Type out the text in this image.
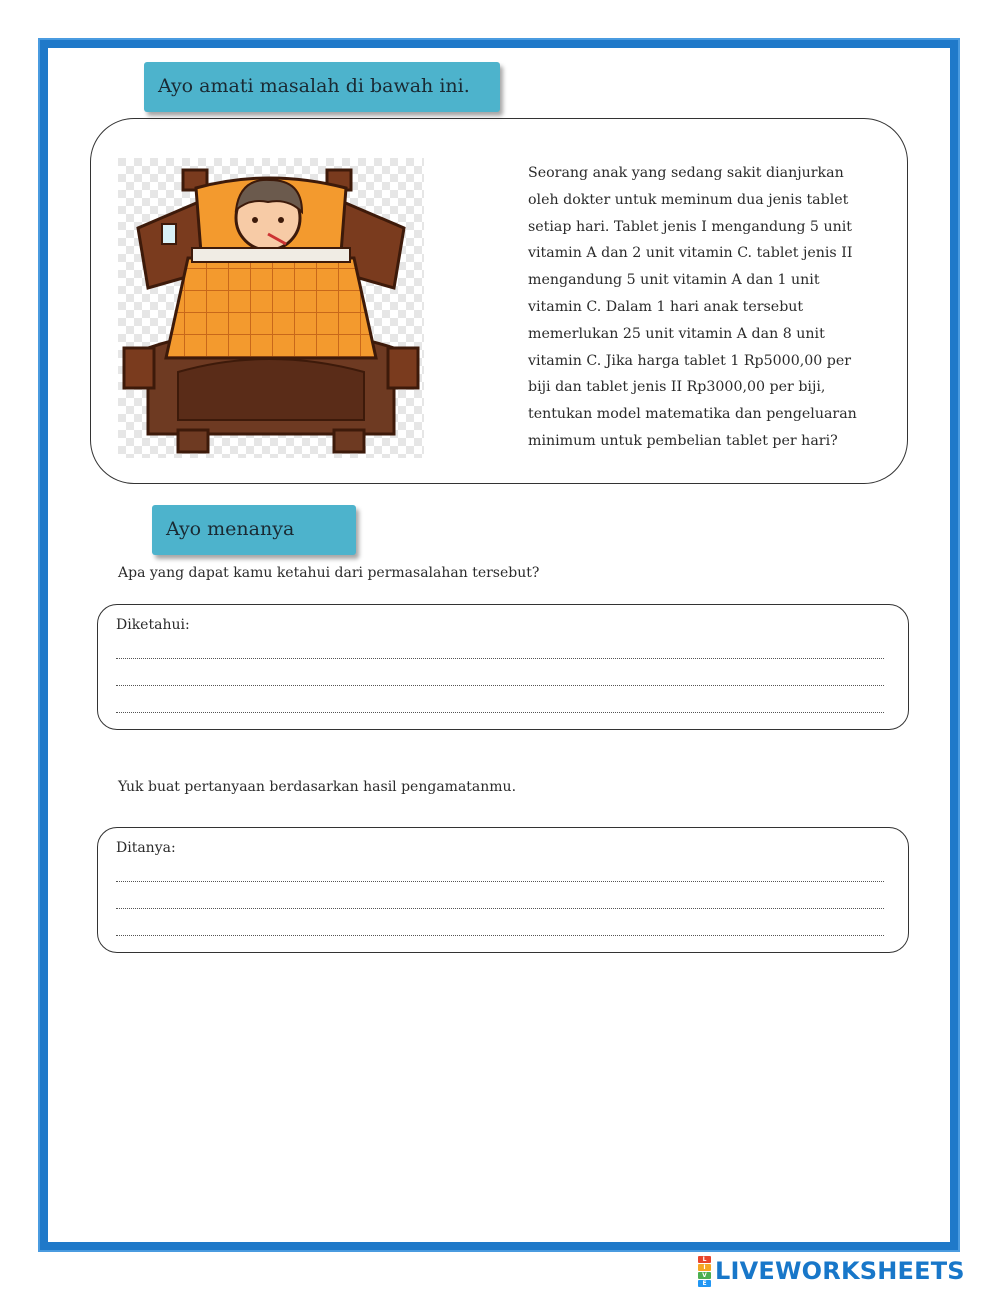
Ayo amati masalah di bawah ini.

Seorang anak yang sedang sakit dianjurkan
oleh dokter untuk meminum dua jenis tablet
setiap hari. Tablet jenis I mengandung 5 unit
vitamin A dan 2 unit vitamin C. tablet jenis II
mengandung 5 unit vitamin A dan 1 unit
vitamin C. Dalam 1 hari anak tersebut
memerlukan 25 unit vitamin A dan 8 unit
vitamin C. Jika harga tablet 1 Rp5000,00 per
biji dan tablet jenis II Rp3000,00 per biji,
tentukan model matematika dan pengeluaran
minimum untuk pembelian tablet per hari?

Ayo menanya
Apa yang dapat kamu ketahui dari permasalahan tersebut?
Diketahui:
Yuk buat pertanyaan berdasarkan hasil pengamatanmu.
Ditanya:
L
I
V
E LIVEWORKSHEETS
